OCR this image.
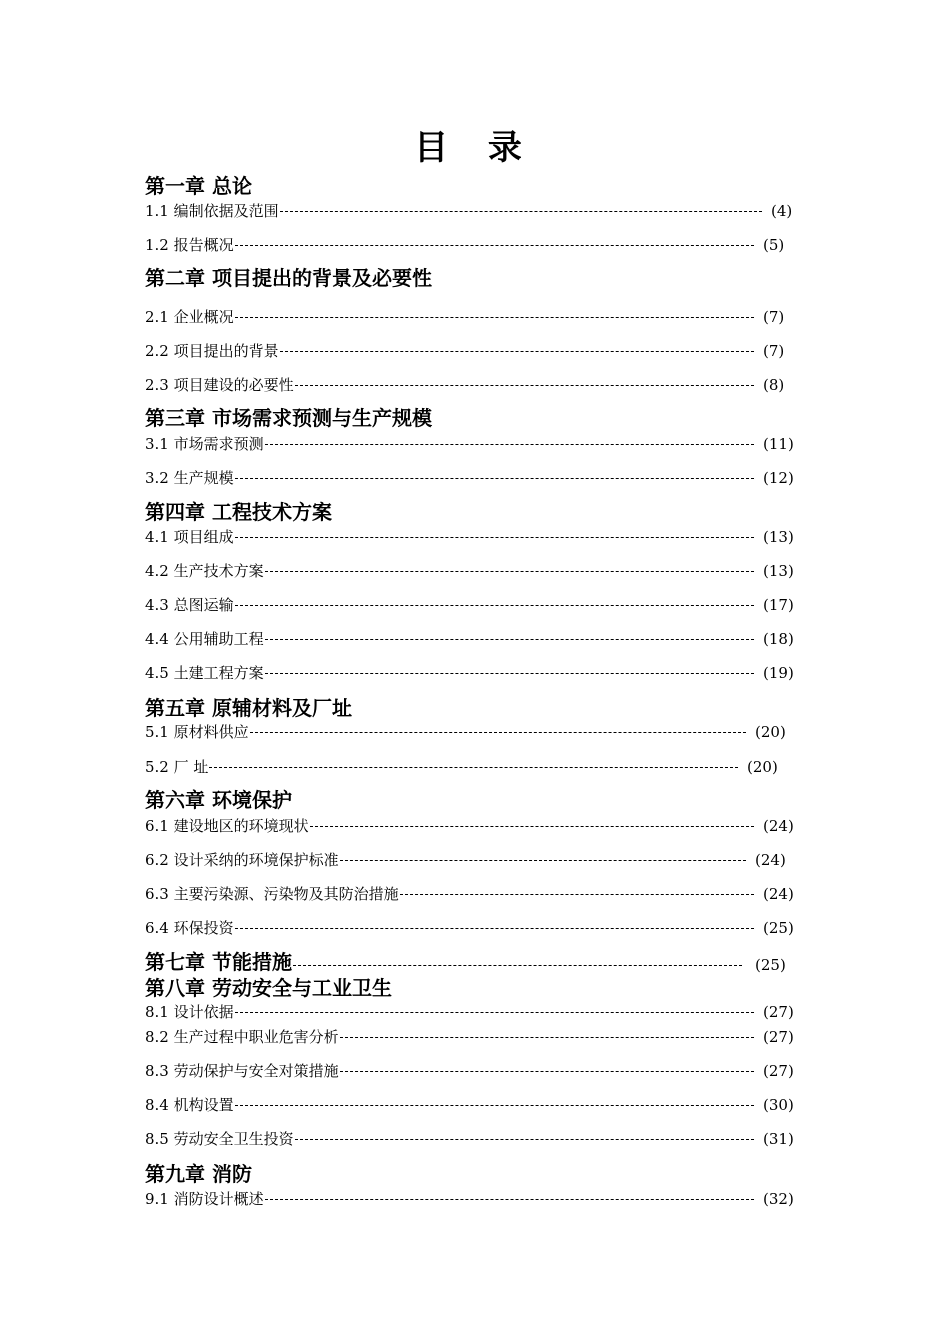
目 录
第一章 总论
1.1 编制依据及范围	(4)
1.2 报告概况	(5)
第二章 项目提出的背景及必要性
2.1 企业概况	(7)
2.2 项目提出的背景	(7)
2.3 项目建设的必要性	(8)
第三章 市场需求预测与生产规模
3.1 市场需求预测	(11)
3.2 生产规模	(12)
第四章 工程技术方案
4.1 项目组成	(13)
4.2 生产技术方案	(13)
4.3 总图运输	(17)
4.4 公用辅助工程	(18)
4.5 土建工程方案	(19)
第五章 原辅材料及厂址
5.1 原材料供应	(20)
5.2 厂 址	(20)
第六章 环境保护
6.1 建设地区的环境现状	(24)
6.2 设计采纳的环境保护标准	(24)
6.3 主要污染源、污染物及其防治措施	(24)
6.4 环保投资	(25)
第七章 节能措施	(25)
第八章 劳动安全与工业卫生
8.1 设计依据	(27)
8.2 生产过程中职业危害分析	(27)
8.3 劳动保护与安全对策措施	(27)
8.4 机构设置	(30)
8.5 劳动安全卫生投资	(31)
第九章 消防
9.1 消防设计概述	(32)
